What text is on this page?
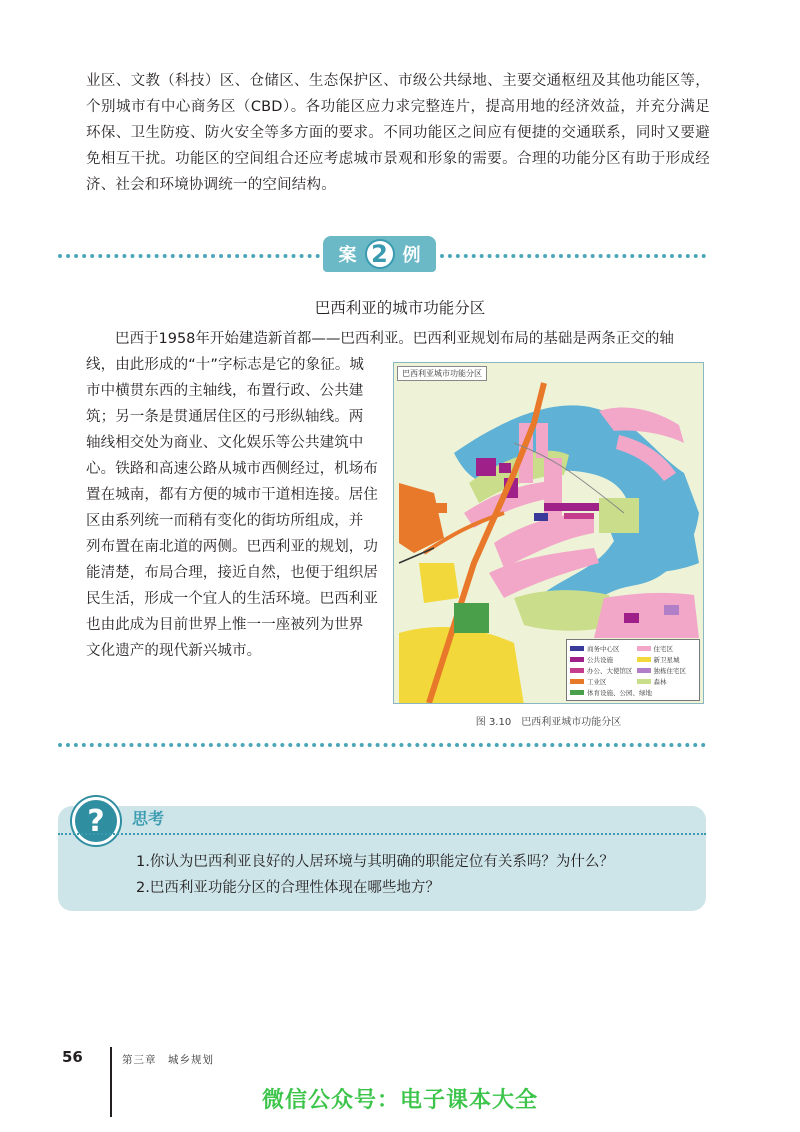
业区、文教（科技）区、仓储区、生态保护区、市级公共绿地、主要交通枢纽及其他功能区等，个别城市有中心商务区（CBD）。各功能区应力求完整连片，提高用地的经济效益，并充分满足环保、卫生防疫、防火安全等多方面的要求。不同功能区之间应有便捷的交通联系，同时又要避免相互干扰。功能区的空间组合还应考虑城市景观和形象的需要。合理的功能分区有助于形成经济、社会和环境协调统一的空间结构。

案 2 例
巴西利亚的城市功能分区

巴西于1958年开始建造新首都——巴西利亚。巴西利亚规划布局的基础是两条正交的轴

线，由此形成的“十”字标志是它的象征。城
市中横贯东西的主轴线，布置行政、公共建
筑；另一条是贯通居住区的弓形纵轴线。两
轴线相交处为商业、文化娱乐等公共建筑中
心。铁路和高速公路从城市西侧经过，机场布
置在城南，都有方便的城市干道相连接。居住
区由系列统一而稍有变化的街坊所组成，并
列布置在南北道的两侧。巴西利亚的规划，功
能清楚，布局合理，接近自然，也便于组织居
民生活，形成一个宜人的生活环境。巴西利亚
也由此成为目前世界上惟一一座被列为世界
文化遗产的现代新兴城市。
巴西利亚城市功能分区
商务中心区	住宅区
公共设施	新卫星城
办公、大使馆区	独栋住宅区
工业区	森林
体育设施、公园、绿地
图 3.10　巴西利亚城市功能分区
?	思考
1.你认为巴西利亚良好的人居环境与其明确的职能定位有关系吗？为什么？
2.巴西利亚功能分区的合理性体现在哪些地方？
56	第三章　城乡规划
微信公众号：电子课本大全
